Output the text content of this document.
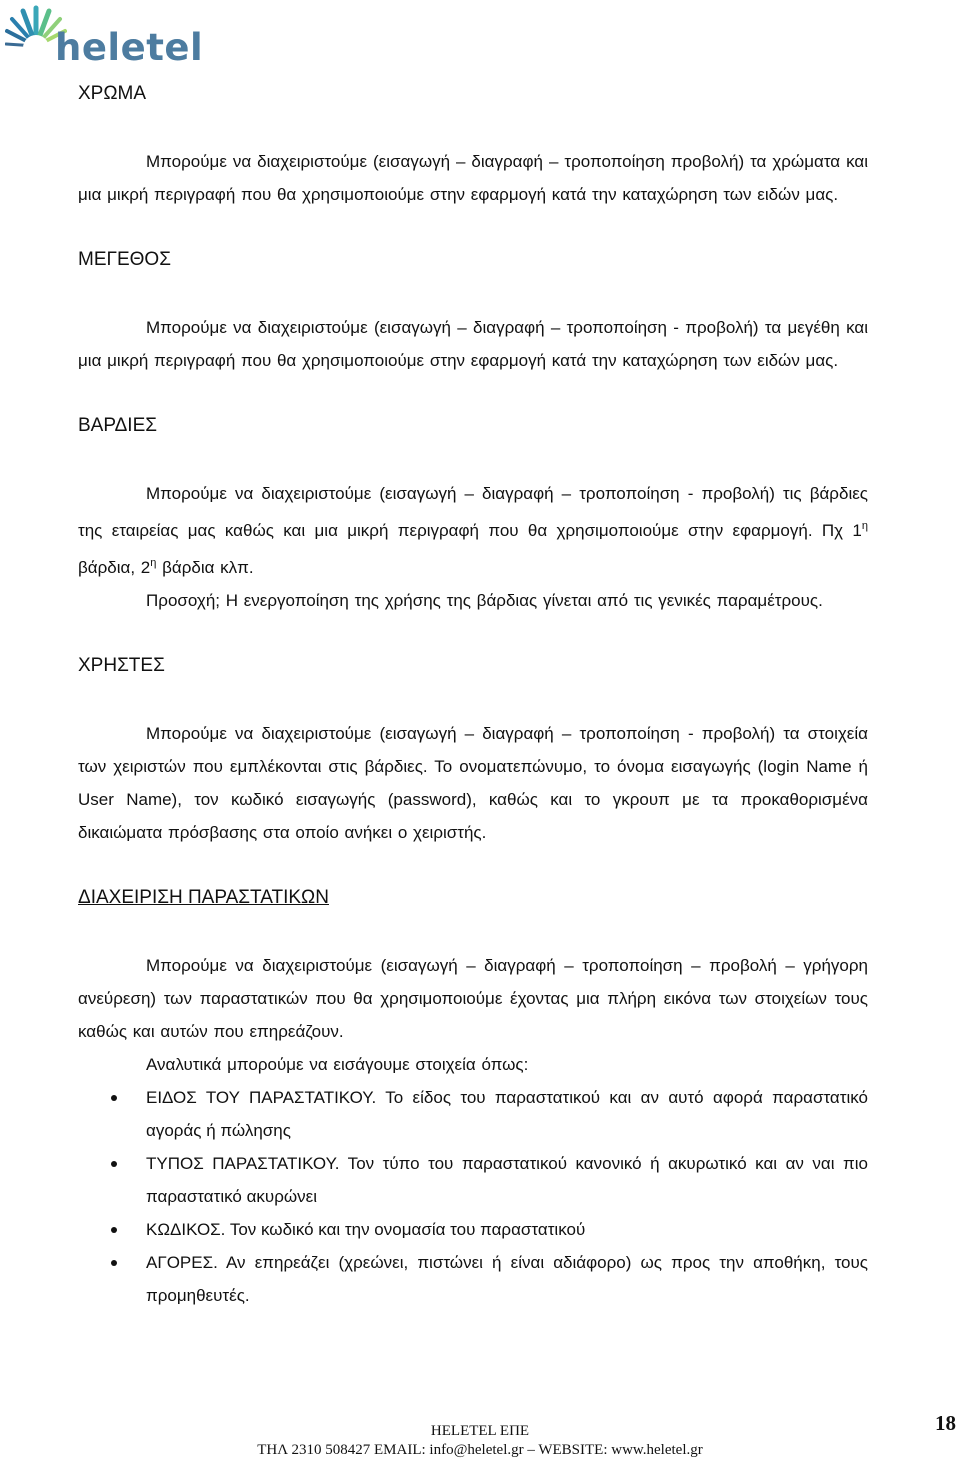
heletel
ΧΡΩΜΑ

Μπορούμε να διαχειριστούμε (εισαγωγή – διαγραφή – τροποποίηση προβολή) τα χρώματα και μια μικρή περιγραφή που θα χρησιμοποιούμε στην εφαρμογή κατά την καταχώρηση των ειδών μας.

ΜΕΓΕΘΟΣ

Μπορούμε να διαχειριστούμε (εισαγωγή – διαγραφή – τροποποίηση - προβολή) τα μεγέθη και μια μικρή περιγραφή που θα χρησιμοποιούμε στην εφαρμογή κατά την καταχώρηση των ειδών μας.

ΒΑΡΔΙΕΣ

Μπορούμε να διαχειριστούμε (εισαγωγή – διαγραφή – τροποποίηση - προβολή) τις βάρδιες της εταιρείας μας καθώς και μια μικρή περιγραφή που θα χρησιμοποιούμε στην εφαρμογή. Πχ $1^\eta$ βάρδια, $2^\eta$ βάρδια κλπ.

Προσοχή; Η ενεργοποίηση της χρήσης της βάρδιας γίνεται από τις γενικές παραμέτρους.

ΧΡΗΣΤΕΣ

Μπορούμε να διαχειριστούμε (εισαγωγή – διαγραφή – τροποποίηση - προβολή) τα στοιχεία των χειριστών που εμπλέκονται στις βάρδιες. Το ονοματεπώνυμο, το όνομα εισαγωγής (login Name ή User Name), τον κωδικό εισαγωγής (password), καθώς και το γκρουπ με τα προκαθορισμένα δικαιώματα πρόσβασης στα οποίο ανήκει ο χειριστής.

ΔΙΑΧΕΙΡΙΣΗ ΠΑΡΑΣΤΑΤΙΚΩΝ

Μπορούμε να διαχειριστούμε (εισαγωγή – διαγραφή – τροποποίηση – προβολή – γρήγορη ανεύρεση) των παραστατικών που θα χρησιμοποιούμε έχοντας μια πλήρη εικόνα των στοιχείων τους καθώς και αυτών που επηρεάζουν.

Αναλυτικά μπορούμε να εισάγουμε στοιχεία όπως:

ΕΙΔΟΣ ΤΟΥ ΠΑΡΑΣΤΑΤΙΚΟΥ. Το είδος του παραστατικού και αν αυτό αφορά παραστατικό αγοράς ή πώλησης
ΤΥΠΟΣ ΠΑΡΑΣΤΑΤΙΚΟΥ. Τον τύπο του παραστατικού κανονικό ή ακυρωτικό και αν ναι πιο παραστατικό ακυρώνει
ΚΩΔΙΚΟΣ. Τον κωδικό και την ονομασία του παραστατικού
ΑΓΟΡΕΣ. Αν επηρεάζει (χρεώνει, πιστώνει ή είναι αδιάφορο) ως προς την αποθήκη, τους προμηθευτές.
HELETEL ΕΠΕ
ΤΗΛ 2310 508427 EMAIL: info@heletel.gr – WEBSITE: www.heletel.gr
18
